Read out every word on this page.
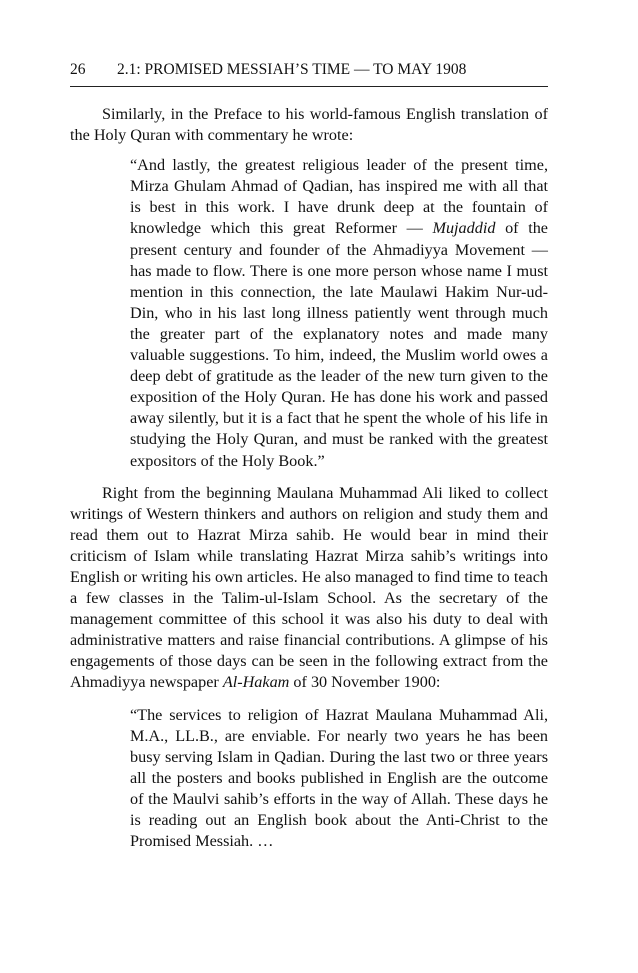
26 2.1: PROMISED MESSIAH’S TIME — TO MAY 1908

Similarly, in the Preface to his world-famous English translation of the Holy Quran with commentary he wrote:

“And lastly, the greatest religious leader of the present time, Mirza Ghulam Ahmad of Qadian, has inspired me with all that is best in this work. I have drunk deep at the fountain of knowledge which this great Reformer — Mujaddid of the present century and founder of the Ahmadiyya Movement — has made to flow. There is one more person whose name I must mention in this connection, the late Maulawi Hakim Nur-ud-Din, who in his last long illness patiently went through much the greater part of the explanatory notes and made many valuable suggestions. To him, indeed, the Muslim world owes a deep debt of gratitude as the leader of the new turn given to the exposition of the Holy Quran. He has done his work and passed away silently, but it is a fact that he spent the whole of his life in studying the Holy Quran, and must be ranked with the greatest expositors of the Holy Book.”

Right from the beginning Maulana Muhammad Ali liked to collect writings of Western thinkers and authors on religion and study them and read them out to Hazrat Mirza sahib. He would bear in mind their criticism of Islam while translating Hazrat Mirza sahib’s writings into English or writing his own articles. He also managed to find time to teach a few classes in the Talim-ul-Islam School. As the secretary of the management committee of this school it was also his duty to deal with administrative matters and raise financial contributions. A glimpse of his engagements of those days can be seen in the following extract from the Ahmadiyya newspaper Al-Hakam of 30 November 1900:

“The services to religion of Hazrat Maulana Muhammad Ali, M.A., LL.B., are enviable. For nearly two years he has been busy serving Islam in Qadian. During the last two or three years all the posters and books published in English are the outcome of the Maulvi sahib’s efforts in the way of Allah. These days he is reading out an English book about the Anti-Christ to the Promised Messiah. …
